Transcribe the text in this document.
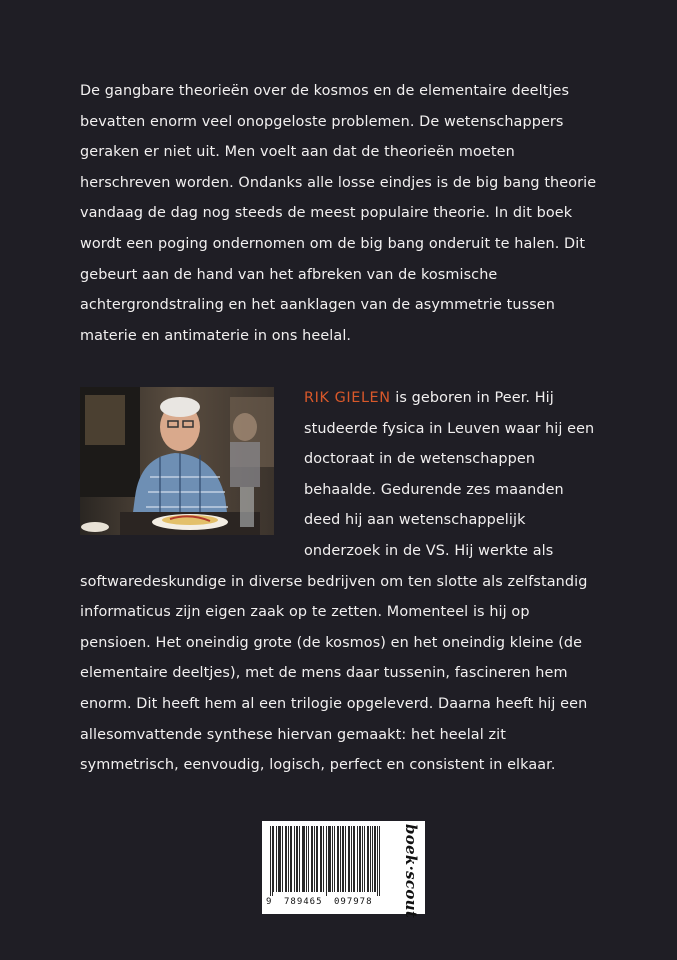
De gangbare theorieën over de kosmos en de elementaire deeltjes bevatten enorm veel onopgeloste problemen. De wetenschappers geraken er niet uit. Men voelt aan dat de theorieën moeten herschreven worden. Ondanks alle losse eindjes is de big bang theorie vandaag de dag nog steeds de meest populaire theorie. In dit boek wordt een poging ondernomen om de big bang onderuit te halen. Dit gebeurt aan de hand van het afbreken van de kosmische achtergrondstraling en het aanklagen van de asymmetrie tussen materie en antimaterie in ons heelal.

RIK GIELEN is geboren in Peer. Hij studeerde fysica in Leuven waar hij een doctoraat in de wetenschappen behaalde. Gedurende zes maanden deed hij aan wetenschappelijk onderzoek in de VS. Hij werkte als softwaredeskundige in diverse bedrijven om ten slotte als zelfstandig informaticus zijn eigen zaak op te zetten. Momenteel is hij op pensioen. Het oneindig grote (de kosmos) en het oneindig kleine (de elementaire deeltjes), met de mens daar tussenin, fascineren hem enorm. Dit heeft hem al een trilogie opgeleverd. Daarna heeft hij een allesomvattende synthese hiervan gemaakt: het heelal zit symmetrisch, eenvoudig, logisch, perfect en consistent in elkaar.
9 789465 097978 boek·scout
